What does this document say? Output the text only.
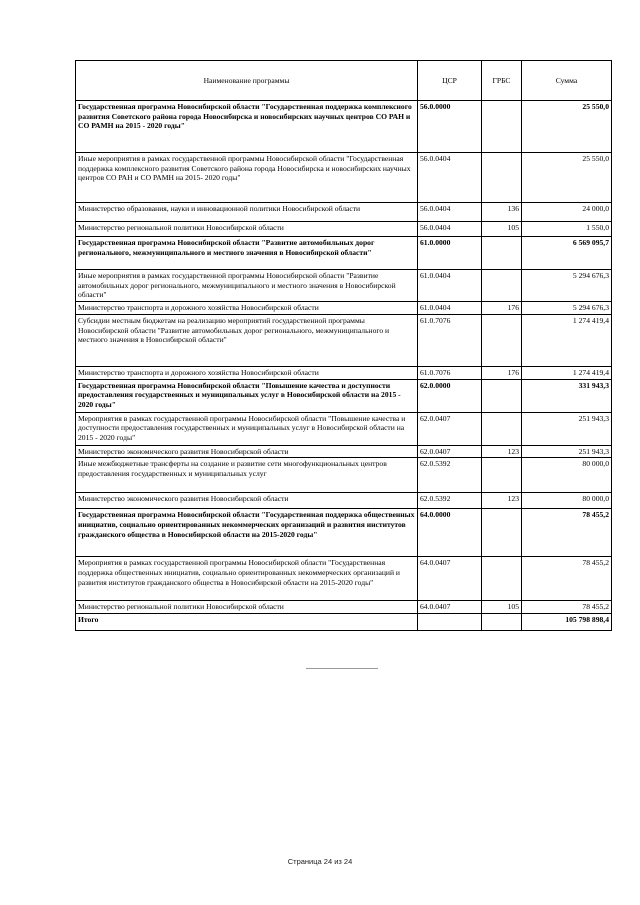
Наименование программы	ЦСР	ГРБС	Сумма
Государственная программа Новосибирской области "Государственная поддержка комплексного развития Советского района города Новосибирска и новосибирских научных центров СО РАН и СО РАМН на 2015 - 2020 годы"	56.0.0000		25 550,0
Иные мероприятия в рамках государственной программы Новосибирской области "Государственная поддержка комплексного развития Советского района города Новосибирска и новосибирских научных центров СО РАН и СО РАМН на 2015- 2020 годы"	56.0.0404		25 550,0
Министерство образования, науки и инновационной политики Новосибирской области	56.0.0404	136	24 000,0
Министерство региональной политики Новосибирской области	56.0.0404	105	1 550,0
Государственная программа Новосибирской области "Развитие автомобильных дорог регионального, межмуниципального и местного значения в Новосибирской области"	61.0.0000		6 569 095,7
Иные мероприятия в рамках государственной программы Новосибирской области "Развитие автомобильных дорог регионального, межмуниципального и местного значения в Новосибирской области"	61.0.0404		5 294 676,3
Министерство транспорта и дорожного хозяйства Новосибирской области	61.0.0404	176	5 294 676,3
Субсидии местным бюджетам на реализацию мероприятий государственной программы Новосибирской области "Развитие автомобильных дорог регионального, межмуниципального и местного значения в Новосибирской области"	61.0.7076		1 274 419,4
Министерство транспорта и дорожного хозяйства Новосибирской области	61.0.7076	176	1 274 419,4
Государственная программа Новосибирской области "Повышение качества и доступности предоставления государственных и муниципальных услуг в Новосибирской области на 2015 - 2020 годы"	62.0.0000		331 943,3
Мероприятия в рамках государственной программы Новосибирской области "Повышение качества и доступности предоставления государственных и муниципальных услуг в Новосибирской области на 2015 - 2020 годы"	62.0.0407		251 943,3
Министерство экономического развития Новосибирской области	62.0.0407	123	251 943,3
Иные межбюджетные трансферты на создание и развитие сети многофункциональных центров предоставления государственных и муниципальных услуг	62.0.5392		80 000,0
Министерство экономического развития Новосибирской области	62.0.5392	123	80 000,0
Государственная программа Новосибирской области "Государственная поддержка общественных инициатив, социально ориентированных некоммерческих организаций и развития институтов гражданского общества в Новосибирской области на 2015-2020 годы"	64.0.0000		78 455,2
Мероприятия в рамках государственной программы Новосибирской области "Государственная поддержка общественных инициатив, социально ориентированных некоммерческих организаций и развития институтов гражданского общества в Новосибирской области на 2015-2020 годы"	64.0.0407		78 455,2
Министерство региональной политики Новосибирской области	64.0.0407	105	78 455,2
Итого			105 798 898,4
Страница 24 из 24
